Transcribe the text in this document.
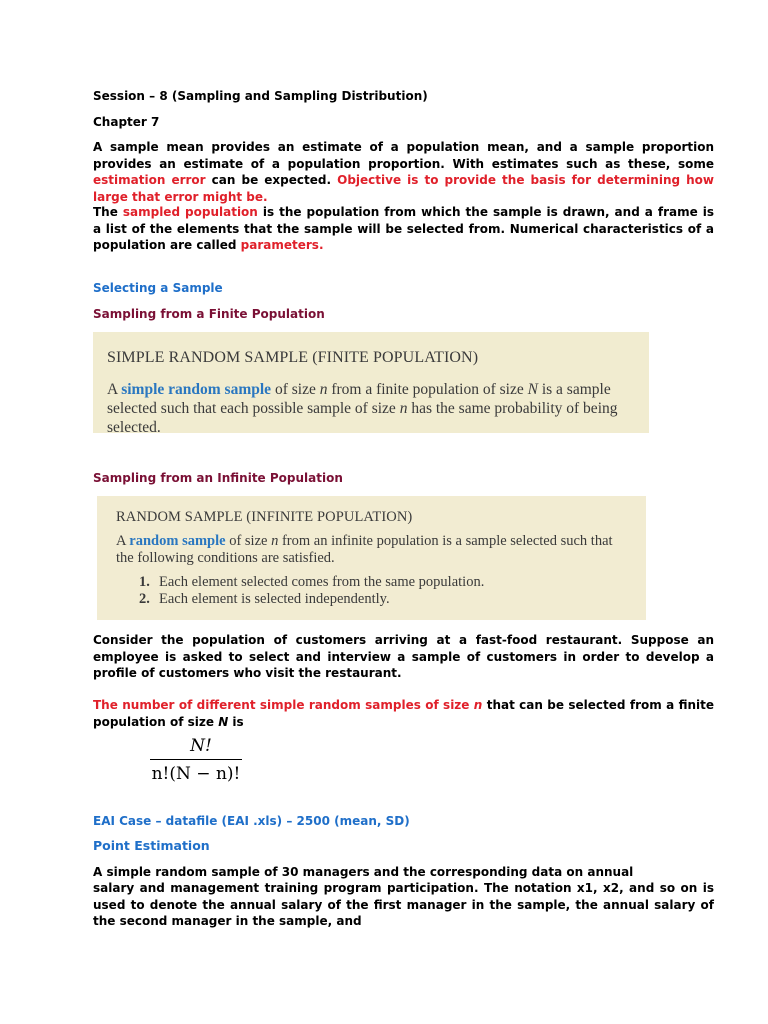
Session – 8 (Sampling and Sampling Distribution)
Chapter 7
A sample mean provides an estimate of a population mean, and a sample proportion provides an estimate of a population proportion. With estimates such as these, some estimation error can be expected. Objective is to provide the basis for determining how large that error might be.
The sampled population is the population from which the sample is drawn, and a frame is a list of the elements that the sample will be selected from. Numerical characteristics of a population are called parameters.
Selecting a Sample
Sampling from a Finite Population
SIMPLE RANDOM SAMPLE (FINITE POPULATION)
A simple random sample of size n from a finite population of size N is a sample selected such that each possible sample of size n has the same probability of being selected.
Sampling from an Infinite Population
RANDOM SAMPLE (INFINITE POPULATION)
A random sample of size n from an infinite population is a sample selected such that the following conditions are satisfied.
1. Each element selected comes from the same population.
2. Each element is selected independently.
Consider the population of customers arriving at a fast-food restaurant. Suppose an employee is asked to select and interview a sample of customers in order to develop a profile of customers who visit the restaurant.
The number of different simple random samples of size n that can be selected from a finite population of size N is
N!
n!(N − n)!
EAI Case – datafile (EAI .xls) – 2500 (mean, SD)
Point Estimation
A simple random sample of 30 managers and the corresponding data on annual
salary and management training program participation. The notation x1, x2, and so on is used to denote the annual salary of the first manager in the sample, the annual salary of the second manager in the sample, and
